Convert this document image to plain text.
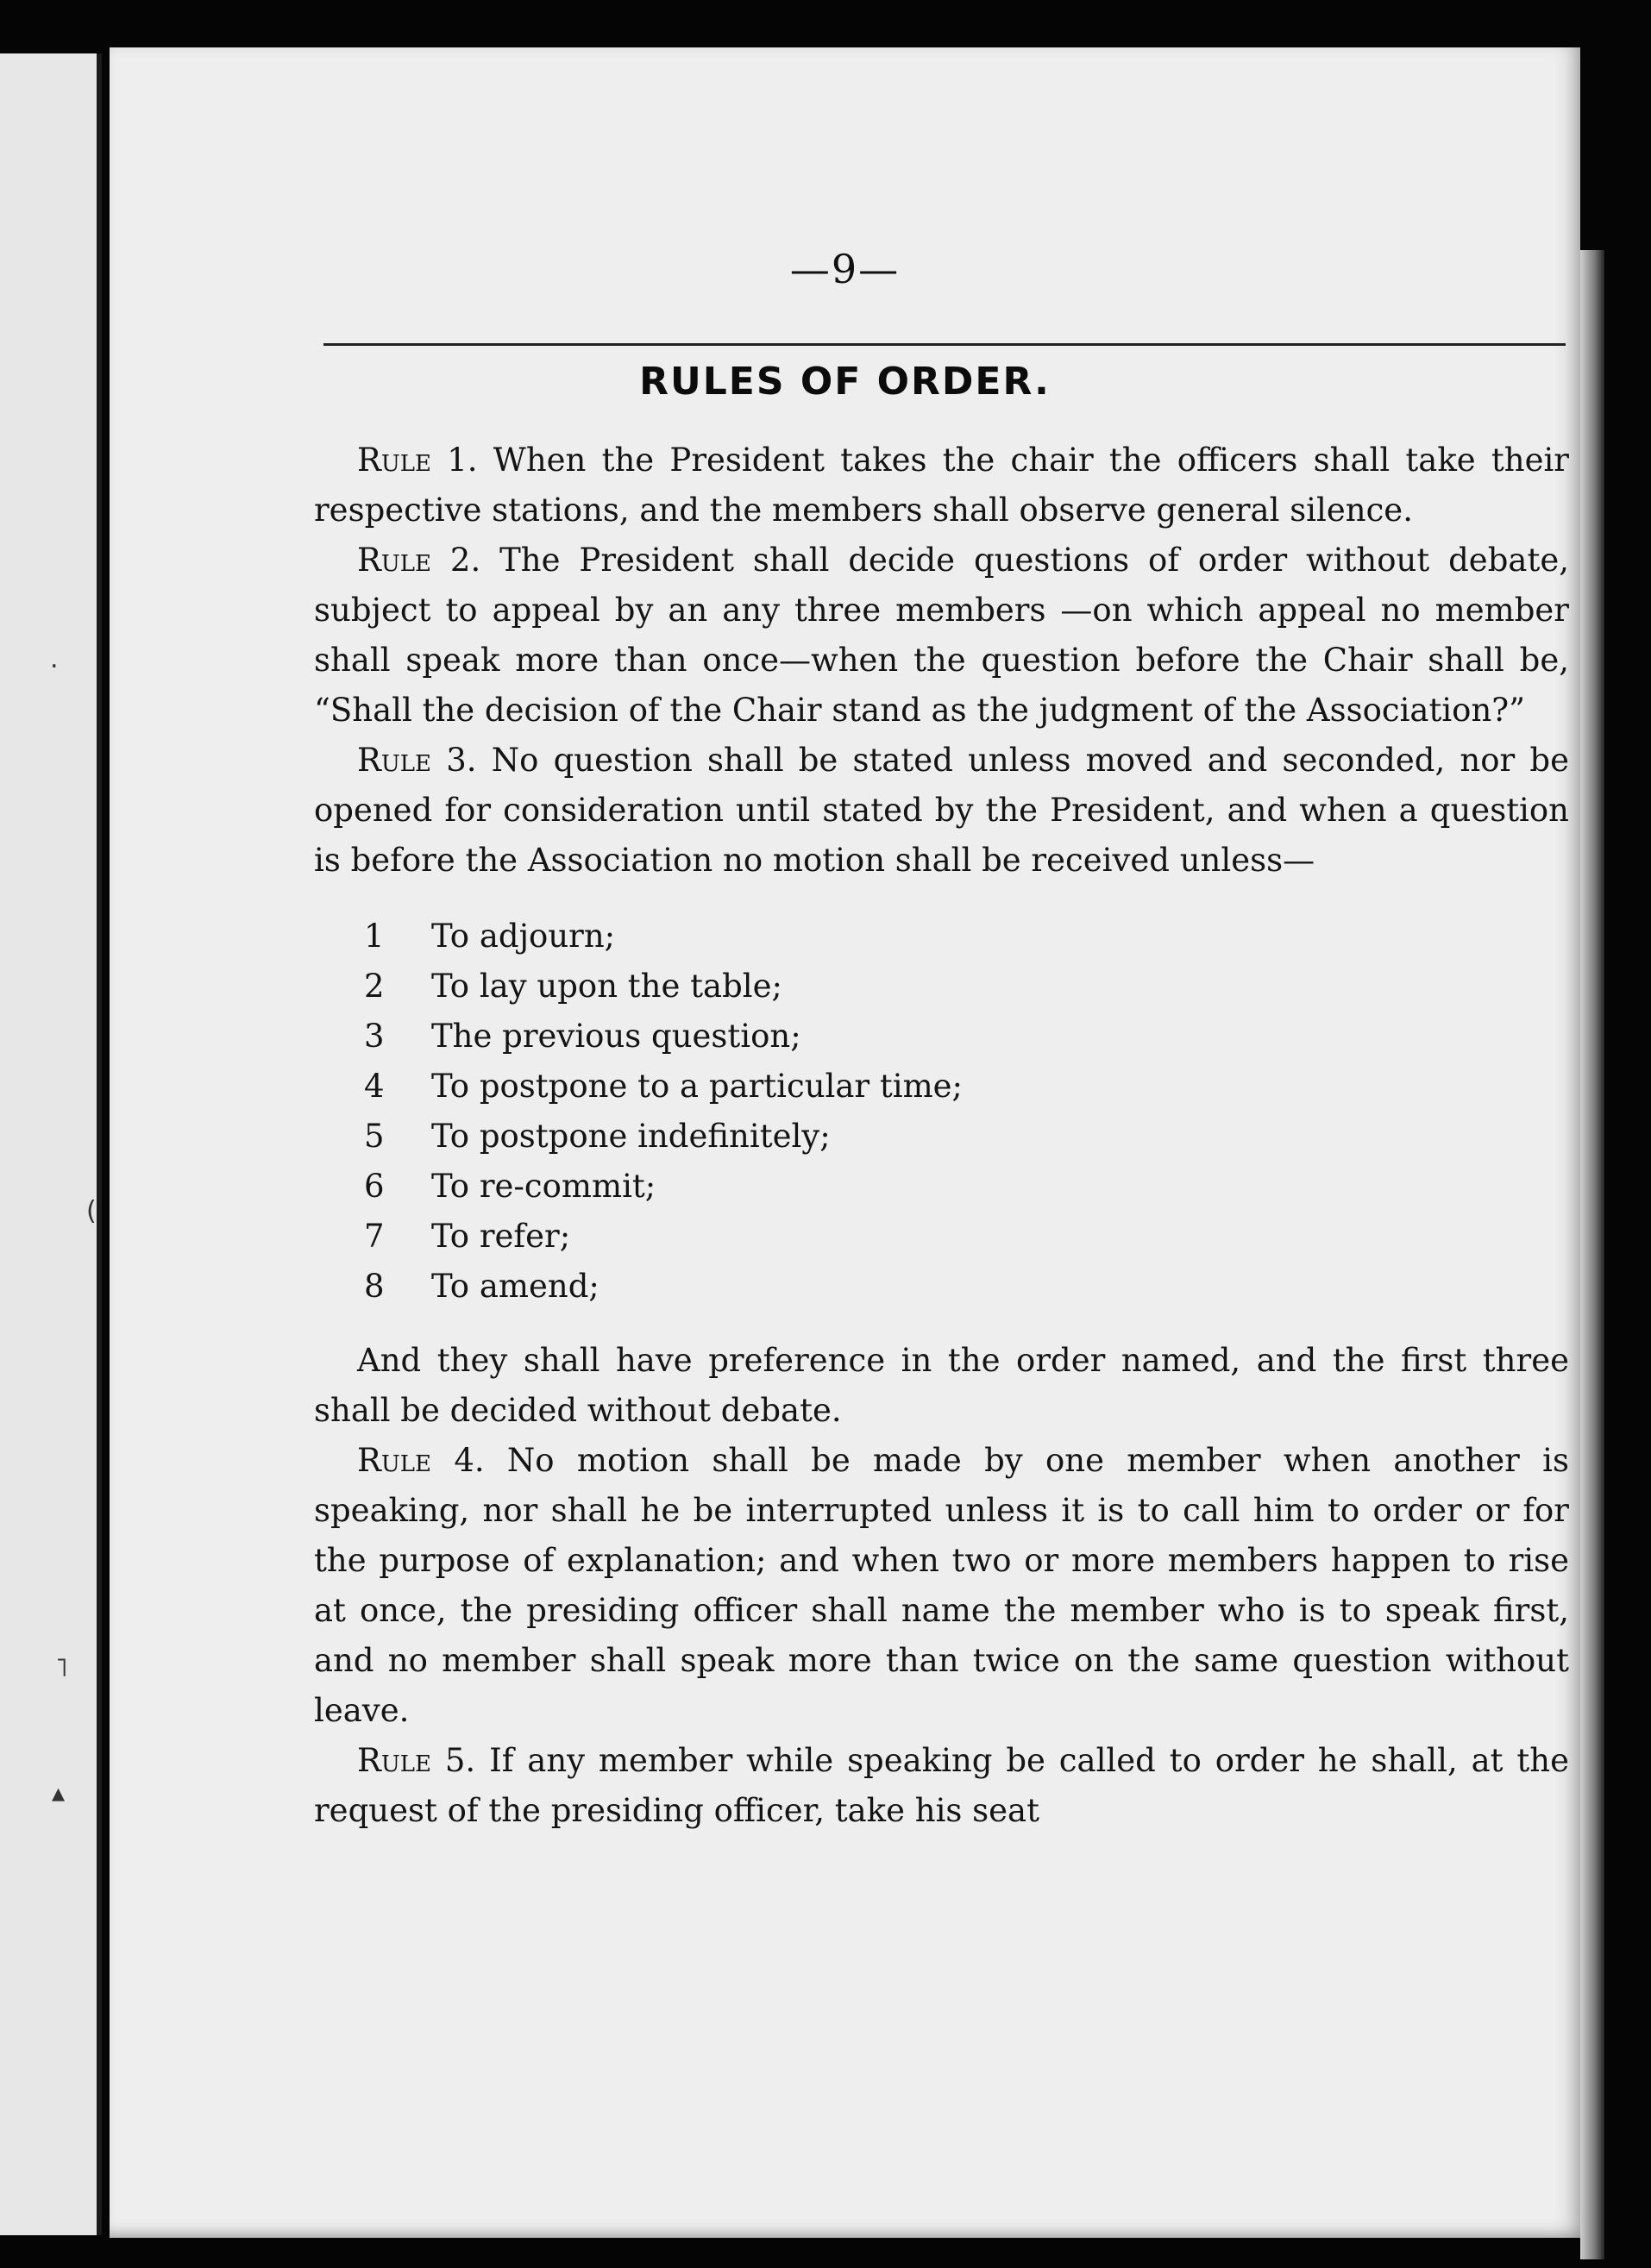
.
(
˥
▴
—9—
RULES OF ORDER.

Rule 1. When the President takes the chair the officers shall take their respective stations, and the members shall observe general silence.

Rule 2. The President shall decide questions of order without debate, subject to appeal by an any three members —on which appeal no member shall speak more than once—when the question before the Chair shall be, “Shall the decision of the Chair stand as the judgment of the Association?”

Rule 3. No question shall be stated unless moved and seconded, nor be opened for consideration until stated by the President, and when a question is before the Association no motion shall be received unless—

1	To adjourn;
2	To lay upon the table;
3	The previous question;
4	To postpone to a particular time;
5	To postpone indefinitely;
6	To re-commit;
7	To refer;
8	To amend;

And they shall have preference in the order named, and the first three shall be decided without debate.

Rule 4. No motion shall be made by one member when another is speaking, nor shall he be interrupted unless it is to call him to order or for the purpose of explanation; and when two or more members happen to rise at once, the presiding officer shall name the member who is to speak first, and no member shall speak more than twice on the same question without leave.

Rule 5. If any member while speaking be called to order he shall, at the request of the presiding officer, take his seat
